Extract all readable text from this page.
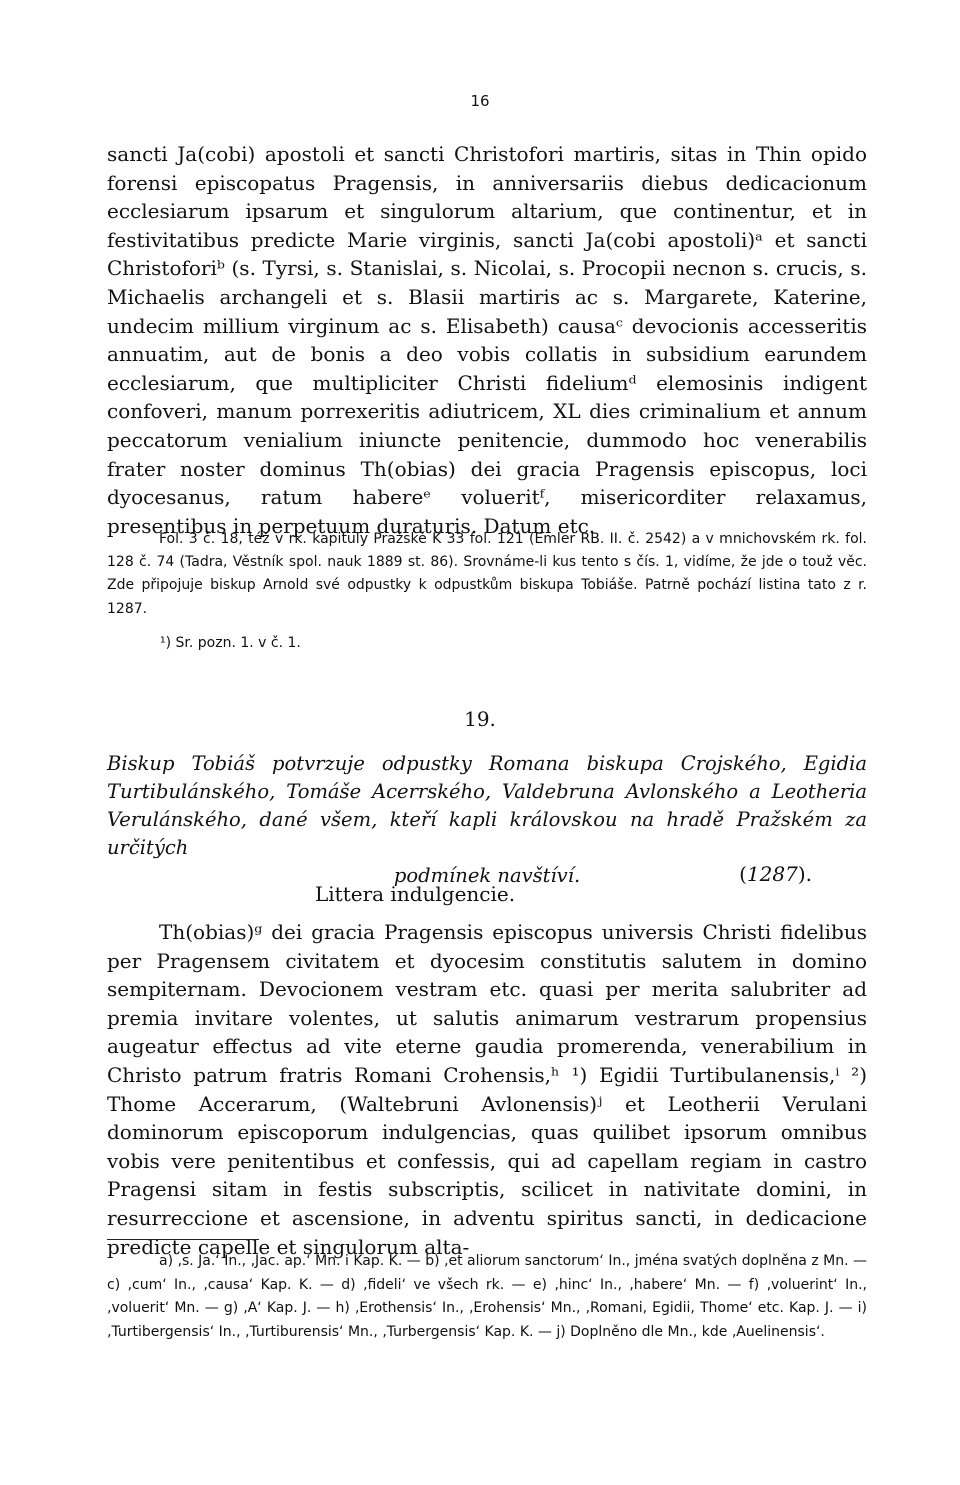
16

sancti Ja(cobi) apostoli et sancti Christofori martiris, sitas in Thin opido forensi episcopatus Pragensis, in anniversariis diebus dedicacionum ecclesiarum ipsarum et singulorum altarium, que continentur, et in festivitatibus predicte Marie virginis, sancti Ja(cobi apostoli)ᵃ et sancti Christoforiᵇ (s. Tyrsi, s. Stanislai, s. Nicolai, s. Procopii necnon s. crucis, s. Michaelis archangeli et s. Blasii martiris ac s. Margarete, Katerine, undecim millium virginum ac s. Elisabeth) causaᶜ devocionis accesseritis annuatim, aut de bonis a deo vobis collatis in subsidium earundem ecclesiarum, que multipliciter Christi fideliumᵈ elemosinis indigent confoveri, manum porrexeritis adiutricem, XL dies criminalium et annum peccatorum venialium iniuncte penitencie, dummodo hoc venerabilis frater noster dominus Th(obias) dei gracia Pragensis episcopus, loci dyocesanus, ratum habereᵉ volueritᶠ, misericorditer relaxamus, presentibus in perpetuum duraturis. Datum etc.

Fol. 3 č. 18, též v rk. kapituly Pražské K 33 fol. 121 (Emler RB. II. č. 2542) a v mnichovském rk. fol. 128 č. 74 (Tadra, Věstník spol. nauk 1889 st. 86). Srovnáme-li kus tento s čís. 1, vidíme, že jde o touž věc. Zde připojuje biskup Arnold své odpustky k odpustkům biskupa Tobiáše. Patrně pochází listina tato z r. 1287.

¹) Sr. pozn. 1. v č. 1.
19.
Biskup Tobiáš potvrzuje odpustky Romana biskupa Crojského, Egidia Turtibulánského, Tomáše Acerrského, Valdebruna Avlonského a Leotheria Verulánského, dané všem, kteří kapli královskou na hradě Pražském za určitých
podmínek navštíví.	(1287).
Littera indulgencie.

Th(obias)ᵍ dei gracia Pragensis episcopus universis Christi fidelibus per Pragensem civitatem et dyocesim constitutis salutem in domino sempiternam. Devocionem vestram etc. quasi per merita salubriter ad premia invitare volentes, ut salutis animarum vestrarum propensius augeatur effectus ad vite eterne gaudia promerenda, venerabilium in Christo patrum fratris Romani Crohensis,ʰ ¹) Egidii Turtibulanensis,ⁱ ²) Thome Accerarum, (Waltebruni Avlonensis)ʲ et Leotherii Verulani dominorum episcoporum indulgencias, quas quilibet ipsorum omnibus vobis vere penitentibus et confessis, qui ad capellam regiam in castro Pragensi sitam in festis subscriptis, scilicet in nativitate domini, in resurreccione et ascensione, in adventu spiritus sancti, in dedicacione predicte capelle et singulorum alta-

a) ‚s. Ja.‘ In., ‚Jac. ap.‘ Mn. i Kap. K. — b) ‚et aliorum sanctorum‘ In., jména svatých doplněna z Mn. — c) ‚cum‘ In., ‚causa‘ Kap. K. — d) ‚fideli‘ ve všech rk. — e) ‚hinc‘ In., ‚habere‘ Mn. — f) ‚voluerint‘ In., ‚voluerit‘ Mn. — g) ‚A‘ Kap. J. — h) ‚Erothensis‘ In., ‚Erohensis‘ Mn., ‚Romani, Egidii, Thome‘ etc. Kap. J. — i) ‚Turtibergensis‘ In., ‚Turtiburensis‘ Mn., ‚Turbergensis‘ Kap. K. — j) Doplněno dle Mn., kde ‚Auelinensis‘.
